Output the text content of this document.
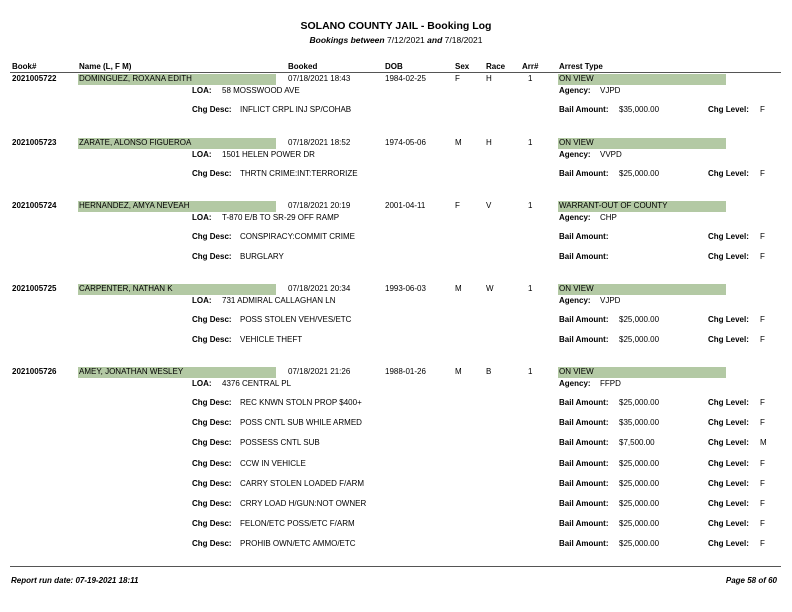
SOLANO COUNTY JAIL - Booking Log
Bookings between 7/12/2021 and 7/18/2021
Book#	Name (L, F M)	Booked	DOB	Sex Race Arr#	Arrest Type
2021005722	DOMINGUEZ, ROXANA EDITH	07/18/2021 18:43	1984-02-25	F	H	1	ON VIEW
LOA: 58 MOSSWOOD AVE	Agency: VJPD
Chg Desc: INFLICT CRPL INJ SP/COHAB	Bail Amount: $35,000.00	Chg Level: F
2021005723	ZARATE, ALONSO FIGUEROA	07/18/2021 18:52	1974-05-06	M	H	1	ON VIEW
LOA: 1501 HELEN POWER DR	Agency: VVPD
Chg Desc: THRTN CRIME:INT:TERRORIZE	Bail Amount: $25,000.00	Chg Level: F
2021005724	HERNANDEZ, AMYA NEVEAH	07/18/2021 20:19	2001-04-11	F	V	1	WARRANT-OUT OF COUNTY
LOA: T-870 E/B TO SR-29 OFF RAMP	Agency: CHP
Chg Desc: CONSPIRACY:COMMIT CRIME	Bail Amount:	Chg Level: F
Chg Desc: BURGLARY	Bail Amount:	Chg Level: F
2021005725	CARPENTER, NATHAN K	07/18/2021 20:34	1993-06-03	M	W	1	ON VIEW
LOA: 731 ADMIRAL CALLAGHAN LN	Agency: VJPD
Chg Desc: POSS STOLEN VEH/VES/ETC	Bail Amount: $25,000.00	Chg Level: F
Chg Desc: VEHICLE THEFT	Bail Amount: $25,000.00	Chg Level: F
2021005726	AMEY, JONATHAN WESLEY	07/18/2021 21:26	1988-01-26	M	B	1	ON VIEW
LOA: 4376 CENTRAL PL	Agency: FFPD
Chg Desc: REC KNWN STOLN PROP $400+	Bail Amount: $25,000.00	Chg Level: F
Chg Desc: POSS CNTL SUB WHILE ARMED	Bail Amount: $35,000.00	Chg Level: F
Chg Desc: POSSESS CNTL SUB	Bail Amount: $7,500.00	Chg Level: M
Chg Desc: CCW IN VEHICLE	Bail Amount: $25,000.00	Chg Level: F
Chg Desc: CARRY STOLEN LOADED F/ARM	Bail Amount: $25,000.00	Chg Level: F
Chg Desc: CRRY LOAD H/GUN:NOT OWNER	Bail Amount: $25,000.00	Chg Level: F
Chg Desc: FELON/ETC POSS/ETC F/ARM	Bail Amount: $25,000.00	Chg Level: F
Chg Desc: PROHIB OWN/ETC AMMO/ETC	Bail Amount: $25,000.00	Chg Level: F
Report run date: 07-19-2021 18:11	Page 58 of 60
